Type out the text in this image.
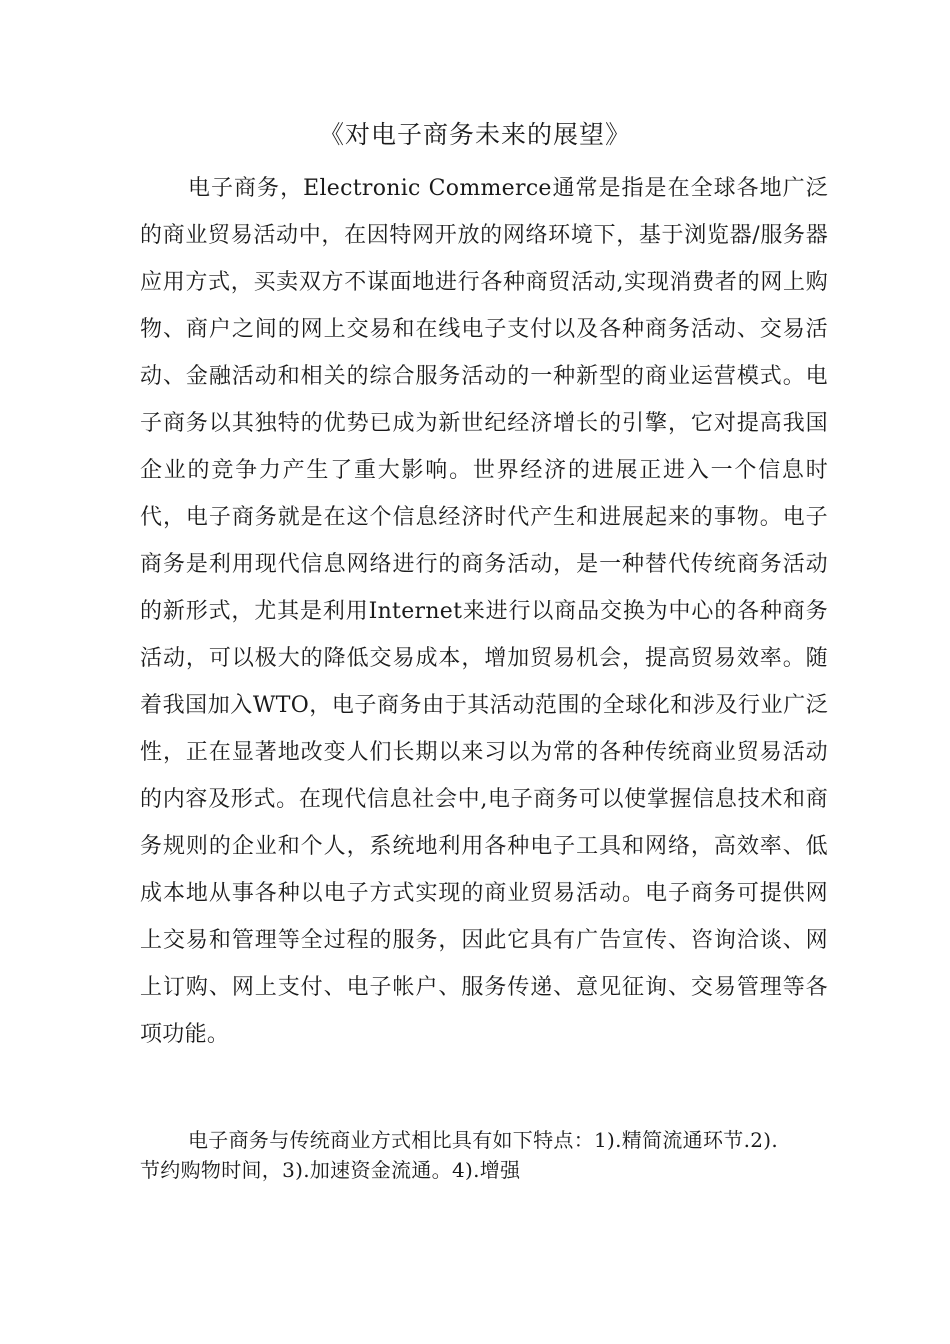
《对电子商务未来的展望》

电子商务，Electronic Commerce通常是指是在全球各地广泛的商业贸易活动中，在因特网开放的网络环境下，基于浏览器/服务器应用方式，买卖双方不谋面地进行各种商贸活动,实现消费者的网上购物、商户之间的网上交易和在线电子支付以及各种商务活动、交易活动、金融活动和相关的综合服务活动的一种新型的商业运营模式。电子商务以其独特的优势已成为新世纪经济增长的引擎，它对提高我国企业的竞争力产生了重大影响。世界经济的进展正进入一个信息时代，电子商务就是在这个信息经济时代产生和进展起来的事物。电子商务是利用现代信息网络进行的商务活动，是一种替代传统商务活动的新形式，尤其是利用Internet来进行以商品交换为中心的各种商务活动，可以极大的降低交易成本，增加贸易机会，提高贸易效率。随着我国加入WTO，电子商务由于其活动范围的全球化和涉及行业广泛性，正在显著地改变人们长期以来习以为常的各种传统商业贸易活动的内容及形式。在现代信息社会中,电子商务可以使掌握信息技术和商务规则的企业和个人，系统地利用各种电子工具和网络，高效率、低成本地从事各种以电子方式实现的商业贸易活动。电子商务可提供网上交易和管理等全过程的服务，因此它具有广告宣传、咨询洽谈、网上订购、网上支付、电子帐户、服务传递、意见征询、交易管理等各项功能。

电子商务与传统商业方式相比具有如下特点：1).精简流通环节.2).节约购物时间，3).加速资金流通。4).增强
